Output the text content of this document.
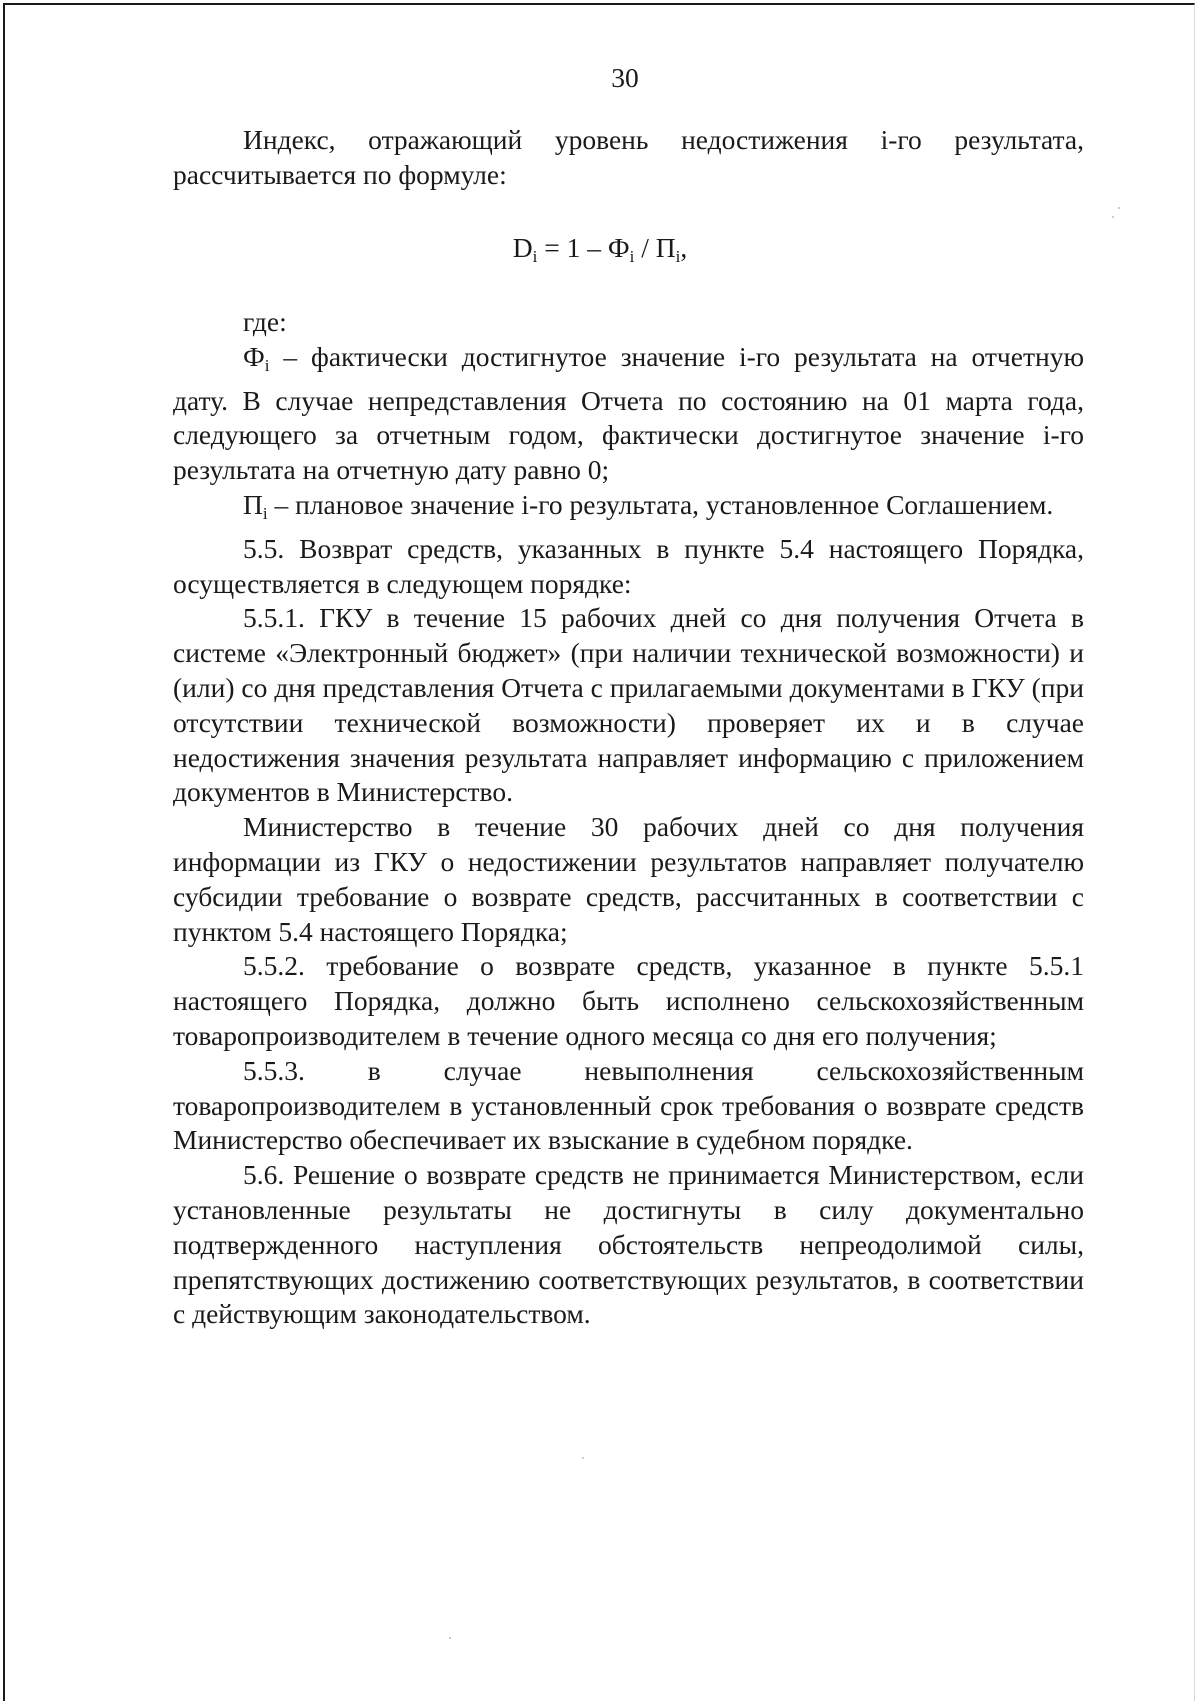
30

Индекс, отражающий уровень недостижения i-го результата,

рассчитывается по формуле:

$D_i = 1 - Ф_i / П_i$,

где:

$Ф_i$ – фактически достигнутое значение i-го результата на отчетную дату. В случае непредставления Отчета по состоянию на 01 марта года, следующего за отчетным годом, фактически достигнутое значение i-го результата на отчетную дату равно 0;

$П_i$ – плановое значение i-го результата, установленное Соглашением.

5.5. Возврат средств, указанных в пункте 5.4 настоящего Порядка, осуществляется в следующем порядке:

5.5.1. ГКУ в течение 15 рабочих дней со дня получения Отчета в системе «Электронный бюджет» (при наличии технической возможности) и (или) со дня представления Отчета с прилагаемыми документами в ГКУ (при отсутствии технической возможности) проверяет их и в случае недостижения значения результата направляет информацию с приложением документов в Министерство.

Министерство в течение 30 рабочих дней со дня получения информации из ГКУ о недостижении результатов направляет получателю субсидии требование о возврате средств, рассчитанных в соответствии с пунктом 5.4 настоящего Порядка;

5.5.2. требование о возврате средств, указанное в пункте 5.5.1 настоящего Порядка, должно быть исполнено сельскохозяйственным товаропроизводителем в течение одного месяца со дня его получения;

5.5.3. в случае невыполнения сельскохозяйственным товаропроизводителем в установленный срок требования о возврате средств Министерство обеспечивает их взыскание в судебном порядке.

5.6. Решение о возврате средств не принимается Министерством, если установленные результаты не достигнуты в силу документально подтвержденного наступления обстоятельств непреодолимой силы, препятствующих достижению соответствующих результатов, в соответствии с действующим законодательством.
